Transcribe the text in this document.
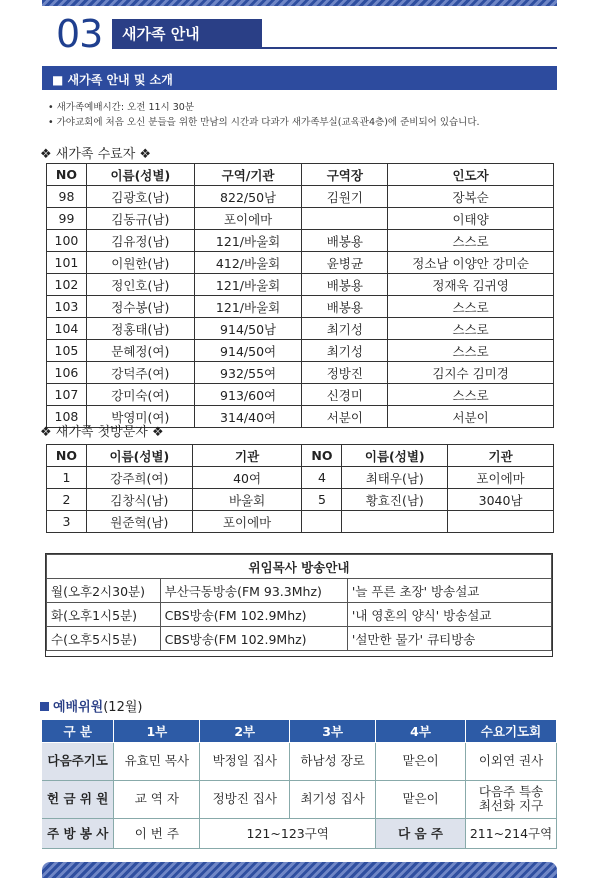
03	새가족 안내
■ 새가족 안내 및 소개
• 새가족예배시간: 오전 11시 30분
• 가야교회에 처음 오신 분들을 위한 만남의 시간과 다과가 새가족부실(교육관4층)에 준비되어 있습니다.
❖ 새가족 수료자 ❖
NO	이름(성별)	구역/기관	구역장	인도자
98	김광호(남)	822/50남	김원기	장복순
99	김동규(남)	포이에마		이태양
100	김유정(남)	121/바울회	배봉용	스스로
101	이원한(남)	412/바울회	윤병균	정소남 이양안 강미순
102	정인호(남)	121/바울회	배봉용	정재욱 김귀영
103	정수봉(남)	121/바울회	배봉용	스스로
104	정홍태(남)	914/50남	최기성	스스로
105	문혜정(여)	914/50여	최기성	스스로
106	강덕주(여)	932/55여	정방진	김지수 김미경
107	강미숙(여)	913/60여	신경미	스스로
108	박영미(여)	314/40여	서분이	서분이
❖ 새가족 첫방문자 ❖
NO	이름(성별)	기관	NO	이름(성별)	기관
1	강주희(여)	40여	4	최태우(남)	포이에마
2	김창식(남)	바울회	5	황효진(남)	3040남
3	원준혁(남)	포이에마			
위임목사 방송안내		
월(오후2시30분)	부산극동방송(FM 93.3Mhz)	'늘 푸른 초장' 방송설교
화(오후1시5분)	CBS방송(FM 102.9Mhz)	'내 영혼의 양식' 방송설교
수(오후5시5분)	CBS방송(FM 102.9Mhz)	'설만한 물가' 큐티방송
예배위원(12월)
구 분	1부	2부	3부	4부	수요기도회
다음주기도	유효민 목사	박정일 집사	하남성 장로	맡은이	이외연 권사
헌 금 위 원	교 역 자	정방진 집사	최기성 집사	맡은이	다음주 특송
최선화 지구
주 방 봉 사	이 번 주	121~123구역		다 음 주	211~214구역
